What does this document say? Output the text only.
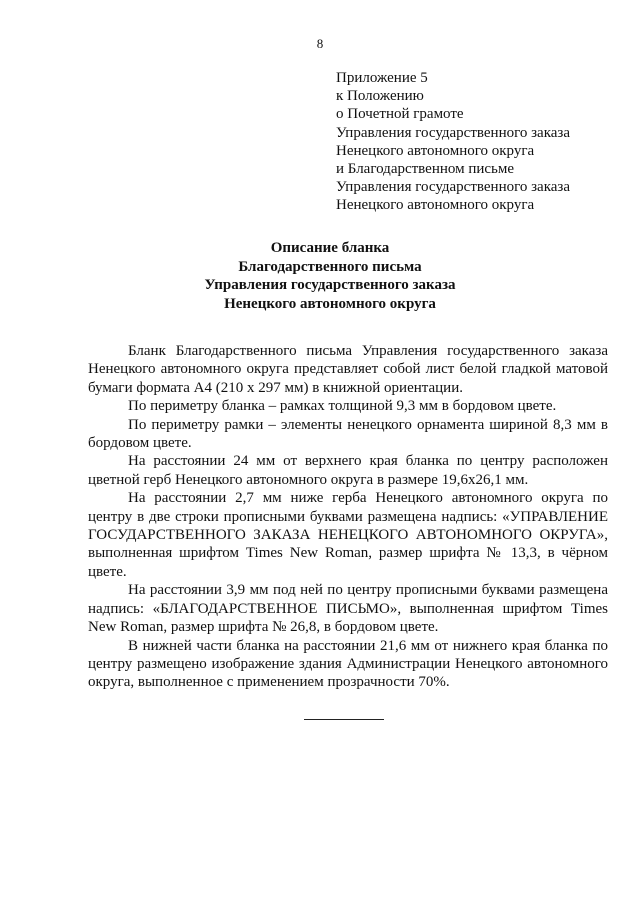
8
Приложение 5
к Положению
о Почетной грамоте
Управления государственного заказа
Ненецкого автономного округа
и Благодарственном письме
Управления государственного заказа
Ненецкого автономного округа
Описание бланка
Благодарственного письма
Управления государственного заказа
Ненецкого автономного округа

Бланк Благодарственного письма Управления государственного заказа Ненецкого автономного округа представляет собой лист белой гладкой матовой бумаги формата А4 (210 х 297 мм) в книжной ориентации.

По периметру бланка – рамках толщиной 9,3 мм в бордовом цвете.

По периметру рамки – элементы ненецкого орнамента шириной 8,3 мм в бордовом цвете.

На расстоянии 24 мм от верхнего края бланка по центру расположен цветной герб Ненецкого автономного округа в размере 19,6х26,1 мм.

На расстоянии 2,7 мм ниже герба Ненецкого автономного округа по центру в две строки прописными буквами размещена надпись: «УПРАВЛЕНИЕ ГОСУДАРСТВЕННОГО ЗАКАЗА НЕНЕЦКОГО АВТОНОМНОГО ОКРУГА», выполненная шрифтом Times New Roman, размер шрифта № 13,3, в чёрном цвете.

На расстоянии 3,9 мм под ней по центру прописными буквами размещена надпись: «БЛАГОДАРСТВЕННОЕ ПИСЬМО», выполненная шрифтом Times New Roman, размер шрифта № 26,8, в бордовом цвете.

В нижней части бланка на расстоянии 21,6 мм от нижнего края бланка по центру размещено изображение здания Администрации Ненецкого автономного округа, выполненное с применением прозрачности 70%.
